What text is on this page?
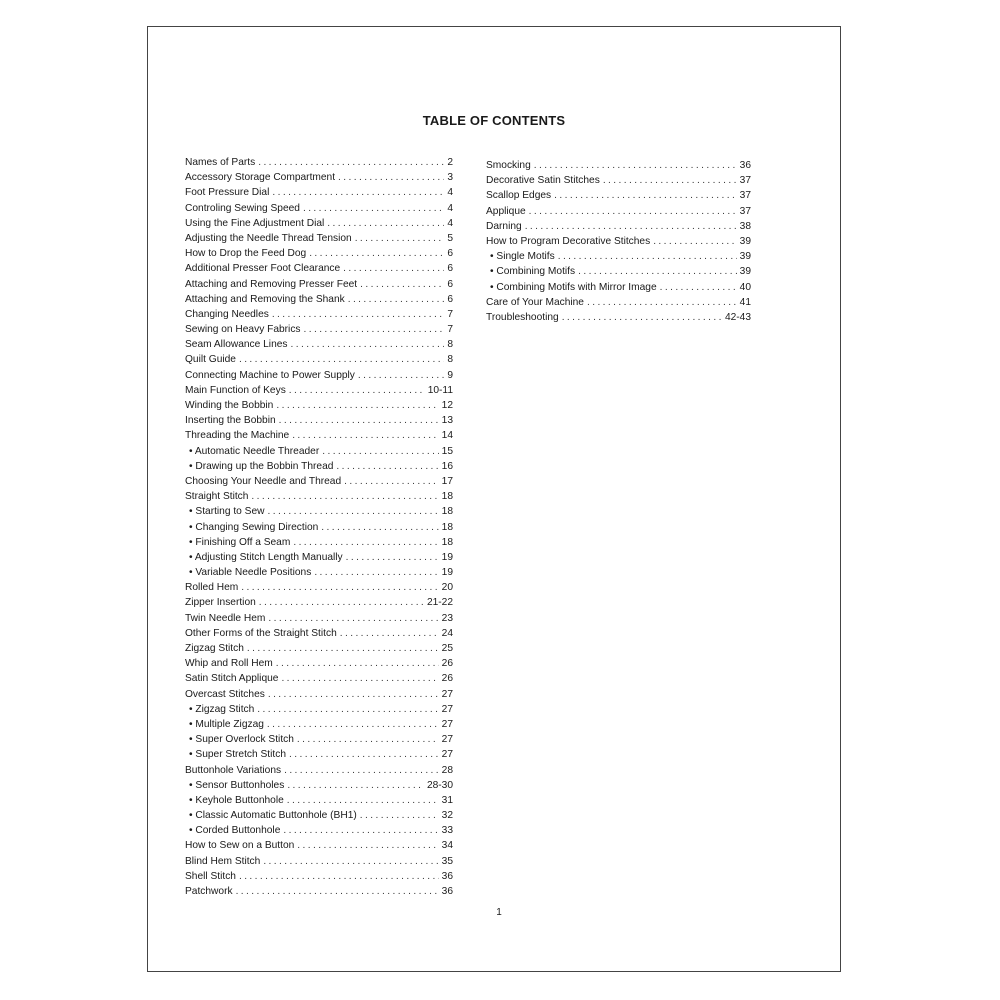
TABLE OF CONTENTS
Names of Parts .....	2
Accessory Storage Compartment .....	3
Foot Pressure Dial .....	4
Controling Sewing Speed .....	4
Using the Fine Adjustment Dial .....	4
Adjusting the Needle Thread Tension .....	5
How to Drop the Feed Dog .....	6
Additional Presser Foot Clearance .....	6
Attaching and Removing Presser Feet .....	6
Attaching and Removing the Shank .....	6
Changing Needles .....	7
Sewing on Heavy Fabrics .....	7
Seam Allowance Lines .....	8
Quilt Guide .....	8
Connecting Machine to Power Supply .....	9
Main Function of Keys .....	10-11
Winding the Bobbin .....	12
Inserting the Bobbin .....	13
Threading the Machine .....	14
• Automatic Needle Threader .....	15
• Drawing up the Bobbin Thread .....	16
Choosing Your Needle and Thread .....	17
Straight Stitch .....	18
• Starting to Sew .....	18
• Changing Sewing Direction .....	18
• Finishing Off a Seam .....	18
• Adjusting Stitch Length Manually .....	19
• Variable Needle Positions .....	19
Rolled Hem .....	20
Zipper Insertion .....	21-22
Twin Needle Hem .....	23
Other Forms of the Straight Stitch .....	24
Zigzag Stitch .....	25
Whip and Roll Hem .....	26
Satin Stitch Applique .....	26
Overcast Stitches .....	27
• Zigzag Stitch .....	27
• Multiple Zigzag .....	27
• Super Overlock Stitch .....	27
• Super Stretch Stitch .....	27
Buttonhole Variations .....	28
• Sensor Buttonholes .....	28-30
• Keyhole Buttonhole .....	31
• Classic Automatic Buttonhole (BH1) .....	32
• Corded Buttonhole .....	33
How to Sew on a Button .....	34
Blind Hem Stitch .....	35
Shell Stitch .....	36
Patchwork .....	36
Smocking .....	36
Decorative Satin Stitches .....	37
Scallop Edges .....	37
Applique .....	37
Darning .....	38
How to Program Decorative Stitches .....	39
• Single Motifs .....	39
• Combining Motifs .....	39
• Combining Motifs with Mirror Image .....	40
Care of Your Machine .....	41
Troubleshooting .....	42-43
1
